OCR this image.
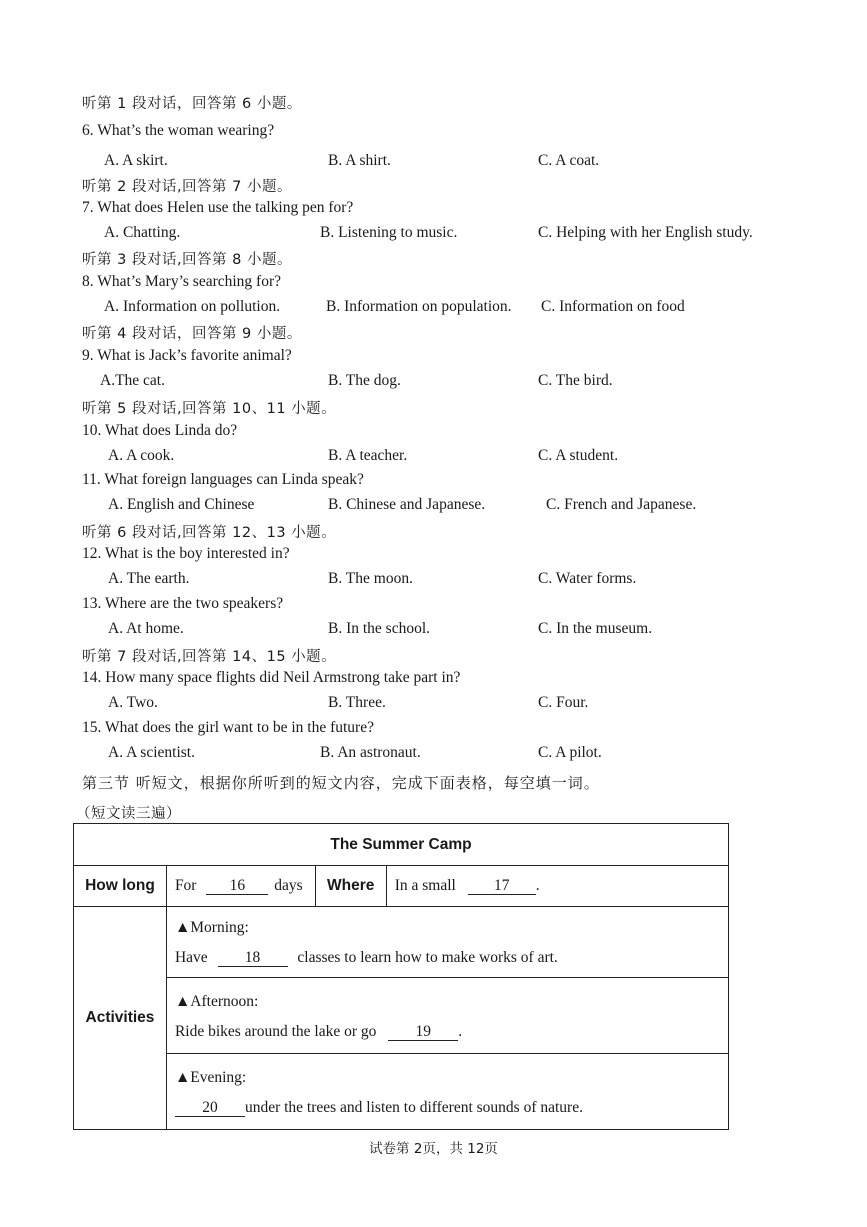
听第 1 段对话，回答第 6 小题。
6. What’s the woman wearing?
A. A skirt.	B. A shirt.	C. A coat.
听第 2 段对话,回答第 7 小题。
7. What does Helen use the talking pen for?
A. Chatting.	B. Listening to music.	C. Helping with her English study.
听第 3 段对话,回答第 8 小题。
8. What’s Mary’s searching for?
A. Information on pollution.	B. Information on population. C. Information on food
听第 4 段对话，回答第 9 小题。
9. What is Jack’s favorite animal?
A.The cat.	B. The dog.	C. The bird.
听第 5 段对话,回答第 10、11 小题。
10. What does Linda do?
A. A cook.	B. A teacher.	C. A student.
11. What foreign languages can Linda speak?
A. English and Chinese	B. Chinese and Japanese.	C. French and Japanese.
听第 6 段对话,回答第 12、13 小题。
12. What is the boy interested in?
A. The earth.	B. The moon.	C. Water forms.
13. Where are the two speakers?
A. At home.	B. In the school.	C. In the museum.
听第 7 段对话,回答第 14、15 小题。
14. How many space flights did Neil Armstrong take part in?
A. Two.	B. Three.	C. Four.
15. What does the girl want to be in the future?
A. A scientist.	B. An astronaut.	C. A pilot.
第三节 听短文，根据你所听到的短文内容，完成下面表格，每空填一词。
（短文读三遍）
The Summer Camp			
How long	For 16 days	Where	In a small 17 .
Activities	▲Morning:
Have 18 classes to learn how to make works of art.		

	▲Afternoon:
Ride bikes around the lake or go 19 .		

	▲Evening:
20 under the trees and listen to different sounds of nature.		
试卷第 2页，共 12页
